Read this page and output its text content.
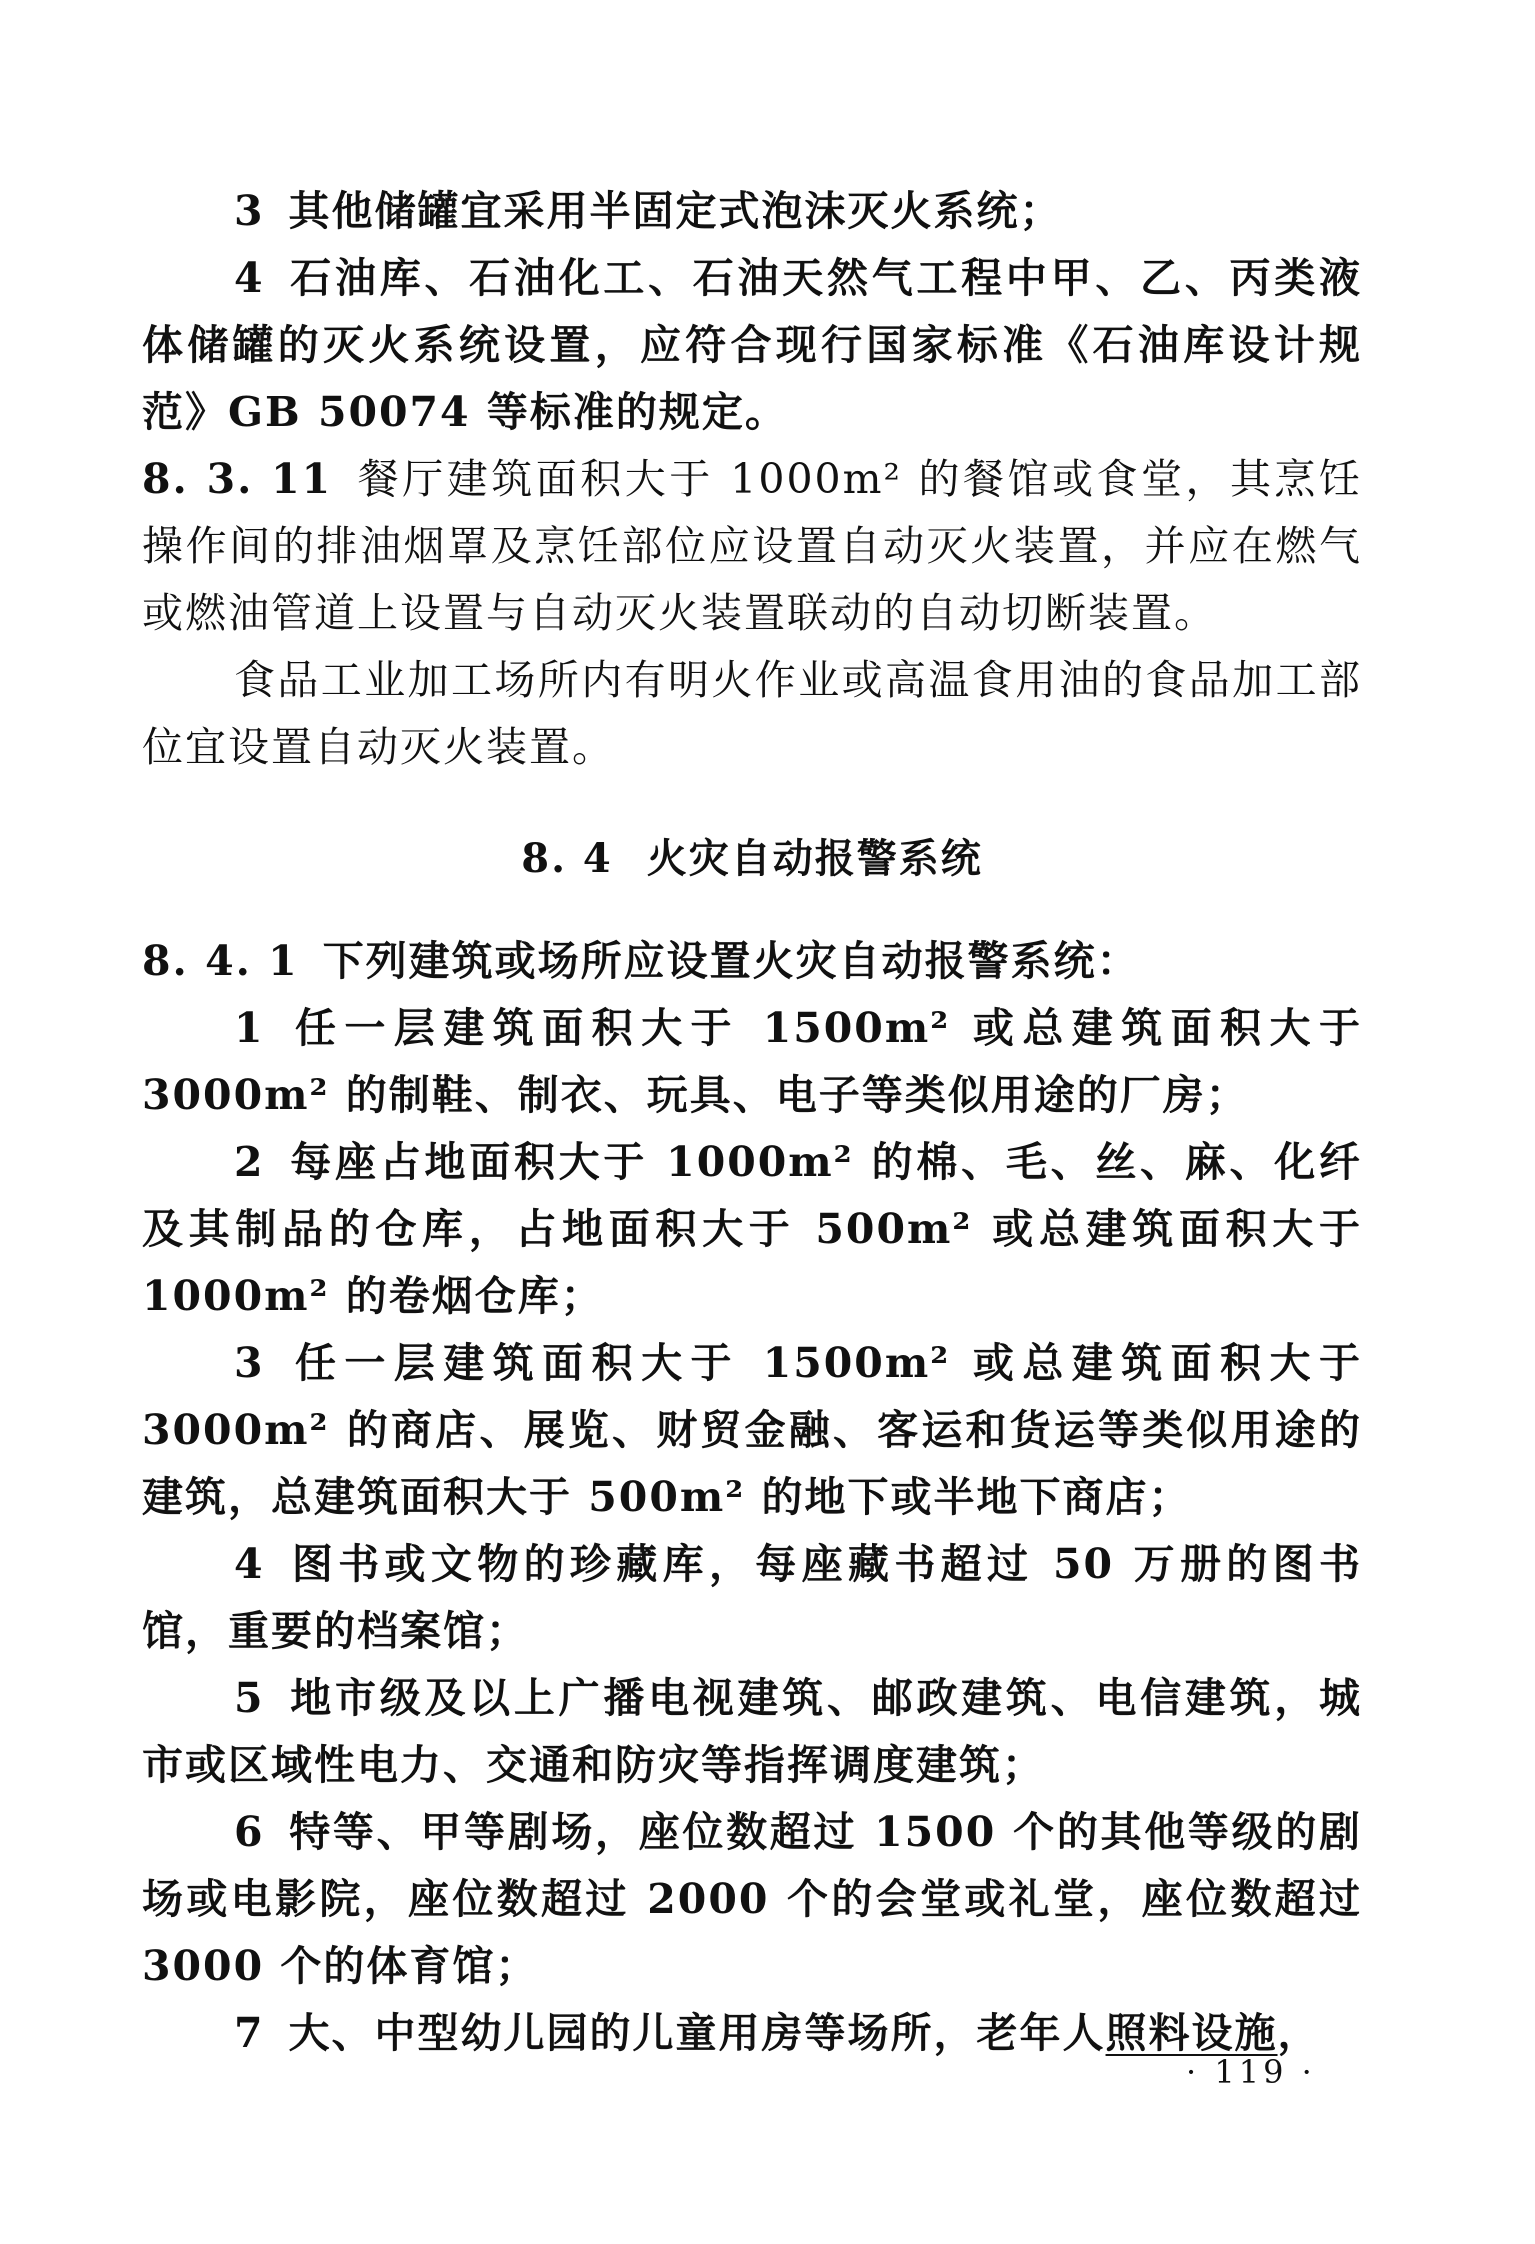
3 其他储罐宜采用半固定式泡沫灭火系统；

4 石油库、石油化工、石油天然气工程中甲、乙、丙类液体储罐的灭火系统设置，应符合现行国家标准《石油库设计规范》GB 50074 等标准的规定。

8. 3. 11 餐厅建筑面积大于 1000m² 的餐馆或食堂，其烹饪操作间的排油烟罩及烹饪部位应设置自动灭火装置，并应在燃气或燃油管道上设置与自动灭火装置联动的自动切断装置。

食品工业加工场所内有明火作业或高温食用油的食品加工部位宜设置自动灭火装置。

8. 4 火灾自动报警系统

8. 4. 1 下列建筑或场所应设置火灾自动报警系统：

1 任一层建筑面积大于 1500m² 或总建筑面积大于 3000m² 的制鞋、制衣、玩具、电子等类似用途的厂房；

2 每座占地面积大于 1000m² 的棉、毛、丝、麻、化纤及其制品的仓库，占地面积大于 500m² 或总建筑面积大于 1000m² 的卷烟仓库；

3 任一层建筑面积大于 1500m² 或总建筑面积大于 3000m² 的商店、展览、财贸金融、客运和货运等类似用途的建筑，总建筑面积大于 500m² 的地下或半地下商店；

4 图书或文物的珍藏库，每座藏书超过 50 万册的图书馆，重要的档案馆；

5 地市级及以上广播电视建筑、邮政建筑、电信建筑，城市或区域性电力、交通和防灾等指挥调度建筑；

6 特等、甲等剧场，座位数超过 1500 个的其他等级的剧场或电影院，座位数超过 2000 个的会堂或礼堂，座位数超过 3000 个的体育馆；

7 大、中型幼儿园的儿童用房等场所，老年人照料设施，

· 119 ·
